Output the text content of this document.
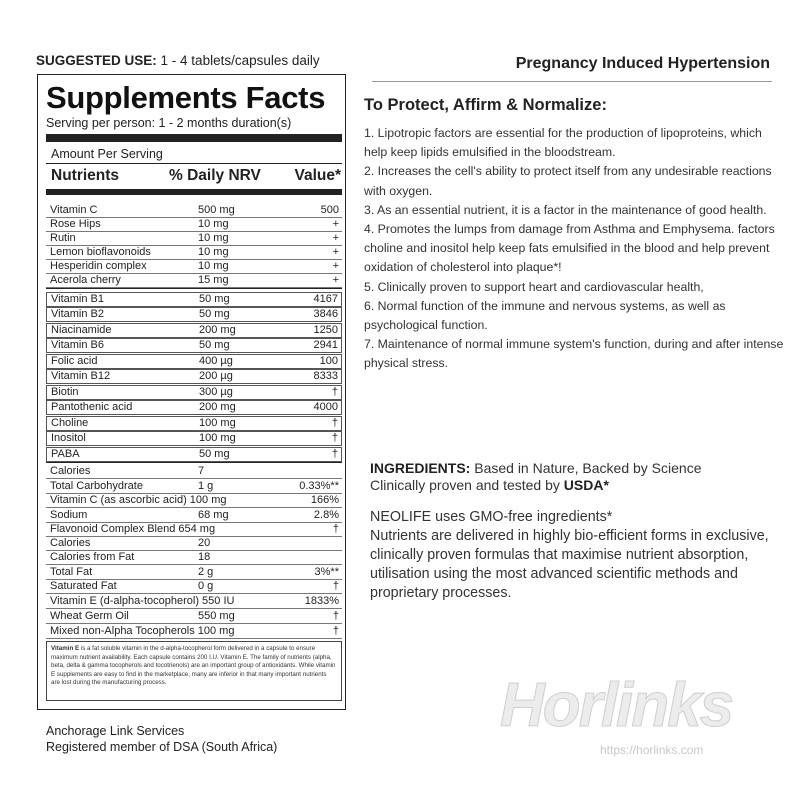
SUGGESTED USE: 1 - 4 tablets/capsules daily
Supplements Facts
Serving per person: 1 - 2 months duration(s)
Amount Per Serving
Nutrients	% Daily NRV Value*
Vitamin C	500 mg	500
Rose Hips	10 mg	+
Rutin	10 mg	+
Lemon bioflavonoids	10 mg	+
Hesperidin complex	10 mg	+
Acerola cherry	15 mg	+
Vitamin B1	50 mg	4167
Vitamin B2	50 mg	3846
Niacinamide	200 mg	1250
Vitamin B6	50 mg	2941
Folic acid	400 µg	100
Vitamin B12	200 µg	8333
Biotin	300 µg	†
Pantothenic acid	200 mg	4000
Choline	100 mg	†
Inositol	100 mg	†
PABA	50 mg	†
Calories	7
Total Carbohydrate	1 g	0.33%**
Vitamin C (as ascorbic acid) 100 mg	166%
Sodium	68 mg	2.8%
Flavonoid Complex Blend 654 mg	†
Calories	20
Calories from Fat	18
Total Fat	2 g	3%**
Saturated Fat	0 g	†
Vitamin E (d-alpha-tocopherol) 550 IU	1833%
Wheat Germ Oil	550 mg	†
Mixed non-Alpha Tocopherols 100 mg	†
Vitamin E is a fat soluble vitamin in the d-alpha-tocopherol form delivered in a capsule to ensure maximum nutrient availability. Each capsule contains 200 I.U. Vitamin E. The family of nutrients (alpha, beta, delta & gamma tocopherols and tocotrienols) are an important group of antioxidants. While vitamin E supplements are easy to find in the marketplace, many are inferior in that many important nutrients are lost during the manufacturing process.
Anchorage Link Services
Registered member of DSA (South Africa)
Pregnancy Induced Hypertension
To Protect, Affirm & Normalize:

1. Lipotropic factors are essential for the production of lipoproteins, which help keep lipids emulsified in the bloodstream.

2. Increases the cell's ability to protect itself from any undesirable reactions with oxygen.

3. As an essential nutrient, it is a factor in the maintenance of good health.

4. Promotes the lumps from damage from Asthma and Emphysema. factors choline and inositol help keep fats emulsified in the blood and help prevent oxidation of cholesterol into plaque*!

5. Clinically proven to support heart and cardiovascular health,

6. Normal function of the immune and nervous systems, as well as psychological function.

7. Maintenance of normal immune system's function, during and after intense physical stress.

INGREDIENTS: Based in Nature, Backed by Science
Clinically proven and tested by USDA*

NEOLIFE uses GMO-free ingredients*

Nutrients are delivered in highly bio-efficient forms in exclusive, clinically proven formulas that maximise nutrient absorption, utilisation using the most advanced scientific methods and proprietary processes.

Horlinks
https://horlinks.com
